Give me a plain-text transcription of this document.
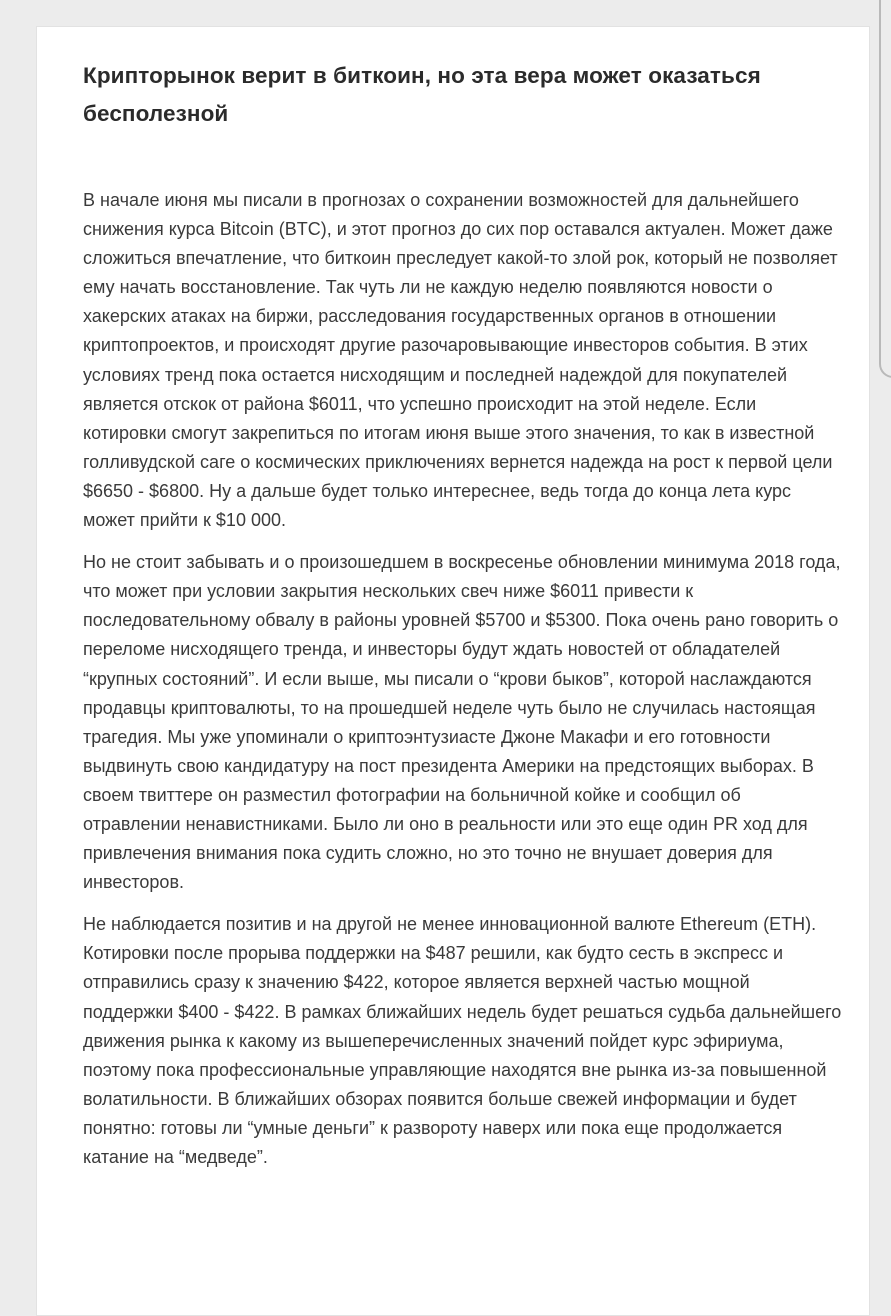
Крипторынок верит в биткоин, но эта вера может оказаться бесполезной

В начале июня мы писали в прогнозах о сохранении возможностей для дальнейшего снижения курса Bitcoin (BTC), и этот прогноз до сих пор оставался актуален. Может даже сложиться впечатление, что биткоин преследует какой-то злой рок, который не позволяет ему начать восстановление. Так чуть ли не каждую неделю появляются новости о хакерских атаках на биржи, расследования государственных органов в отношении криптопроектов, и происходят другие разочаровывающие инвесторов события. В этих условиях тренд пока остается нисходящим и последней надеждой для покупателей является отскок от района $6011, что успешно происходит на этой неделе. Если котировки смогут закрепиться по итогам июня выше этого значения, то как в известной голливудской саге о космических приключениях вернется надежда на рост к первой цели $6650 - $6800. Ну а дальше будет только интереснее, ведь тогда до конца лета курс может прийти к $10 000.

Но не стоит забывать и о произошедшем в воскресенье обновлении минимума 2018 года, что может при условии закрытия нескольких свеч ниже $6011 привести к последовательному обвалу в районы уровней $5700 и $5300. Пока очень рано говорить о переломе нисходящего тренда, и инвесторы будут ждать новостей от обладателей “крупных состояний”. И если выше, мы писали о “крови быков”, которой наслаждаются продавцы криптовалюты, то на прошедшей неделе чуть было не случилась настоящая трагедия. Мы уже упоминали о криптоэнтузиасте Джоне Макафи и его готовности выдвинуть свою кандидатуру на пост президента Америки на предстоящих выборах. В своем твиттере он разместил фотографии на больничной койке и сообщил об отравлении ненавистниками. Было ли оно в реальности или это еще один PR ход для привлечения внимания пока судить сложно, но это точно не внушает доверия для инвесторов.

Не наблюдается позитив и на другой не менее инновационной валюте Ethereum (ETH). Котировки после прорыва поддержки на $487 решили, как будто сесть в экспресс и отправились сразу к значению $422, которое является верхней частью мощной поддержки $400 - $422. В рамках ближайших недель будет решаться судьба дальнейшего движения рынка к какому из вышеперечисленных значений пойдет курс эфириума, поэтому пока профессиональные управляющие находятся вне рынка из-за повышенной волатильности. В ближайших обзорах появится больше свежей информации и будет понятно: готовы ли “умные деньги” к развороту наверх или пока еще продолжается катание на “медведе”.
